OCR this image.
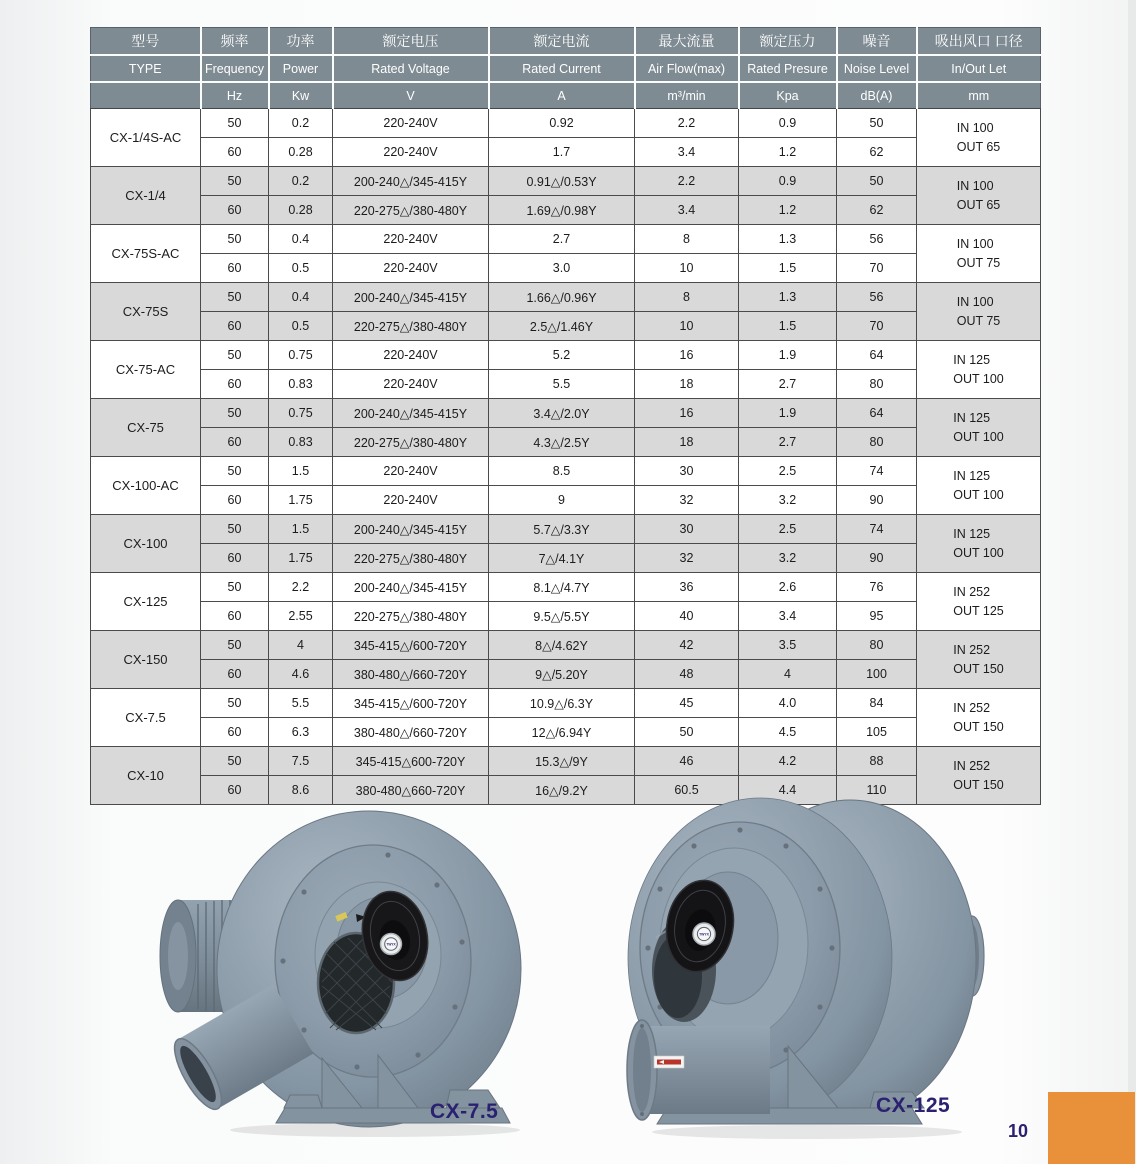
型号	频率	功率	额定电压	额定电流	最大流量	额定压力	噪音	吸出风口 口径
TYPE	Frequency	Power	Rated Voltage	Rated Current	Air Flow(max)	Rated Presure	Noise Level	In/Out Let
	Hz	Kw	V	A	m³/min	Kpa	dB(A)	mm
CX-1/4S-AC	50	0.2	220-240V	0.92	2.2	0.9	50	IN 100
OUT 65

	60	0.28	220-240V	1.7	3.4	1.2	62	
CX-1/4	50	0.2	200-240△/345-415Y	0.91△/0.53Y	2.2	0.9	50	IN 100
OUT 65

	60	0.28	220-275△/380-480Y	1.69△/0.98Y	3.4	1.2	62	
CX-75S-AC	50	0.4	220-240V	2.7	8	1.3	56	IN 100
OUT 75

	60	0.5	220-240V	3.0	10	1.5	70	
CX-75S	50	0.4	200-240△/345-415Y	1.66△/0.96Y	8	1.3	56	IN 100
OUT 75

	60	0.5	220-275△/380-480Y	2.5△/1.46Y	10	1.5	70	
CX-75-AC	50	0.75	220-240V	5.2	16	1.9	64	IN 125
OUT 100

	60	0.83	220-240V	5.5	18	2.7	80	
CX-75	50	0.75	200-240△/345-415Y	3.4△/2.0Y	16	1.9	64	IN 125
OUT 100

	60	0.83	220-275△/380-480Y	4.3△/2.5Y	18	2.7	80	
CX-100-AC	50	1.5	220-240V	8.5	30	2.5	74	IN 125
OUT 100

	60	1.75	220-240V	9	32	3.2	90	
CX-100	50	1.5	200-240△/345-415Y	5.7△/3.3Y	30	2.5	74	IN 125
OUT 100

	60	1.75	220-275△/380-480Y	7△/4.1Y	32	3.2	90	
CX-125	50	2.2	200-240△/345-415Y	8.1△/4.7Y	36	2.6	76	IN 252
OUT 125

	60	2.55	220-275△/380-480Y	9.5△/5.5Y	40	3.4	95	
CX-150	50	4	345-415△/600-720Y	8△/4.62Y	42	3.5	80	IN 252
OUT 150

	60	4.6	380-480△/660-720Y	9△/5.20Y	48	4	100	
CX-7.5	50	5.5	345-415△/600-720Y	10.9△/6.3Y	45	4.0	84	IN 252
OUT 150

	60	6.3	380-480△/660-720Y	12△/6.94Y	50	4.5	105	
CX-10	50	7.5	345-415△600-720Y	15.3△/9Y	46	4.2	88	IN 252
OUT 150

	60	8.6	380-480△660-720Y	16△/9.2Y	60.5	4.4	110	
TWYX
TWYX
CX-7.5	CX-125
10
